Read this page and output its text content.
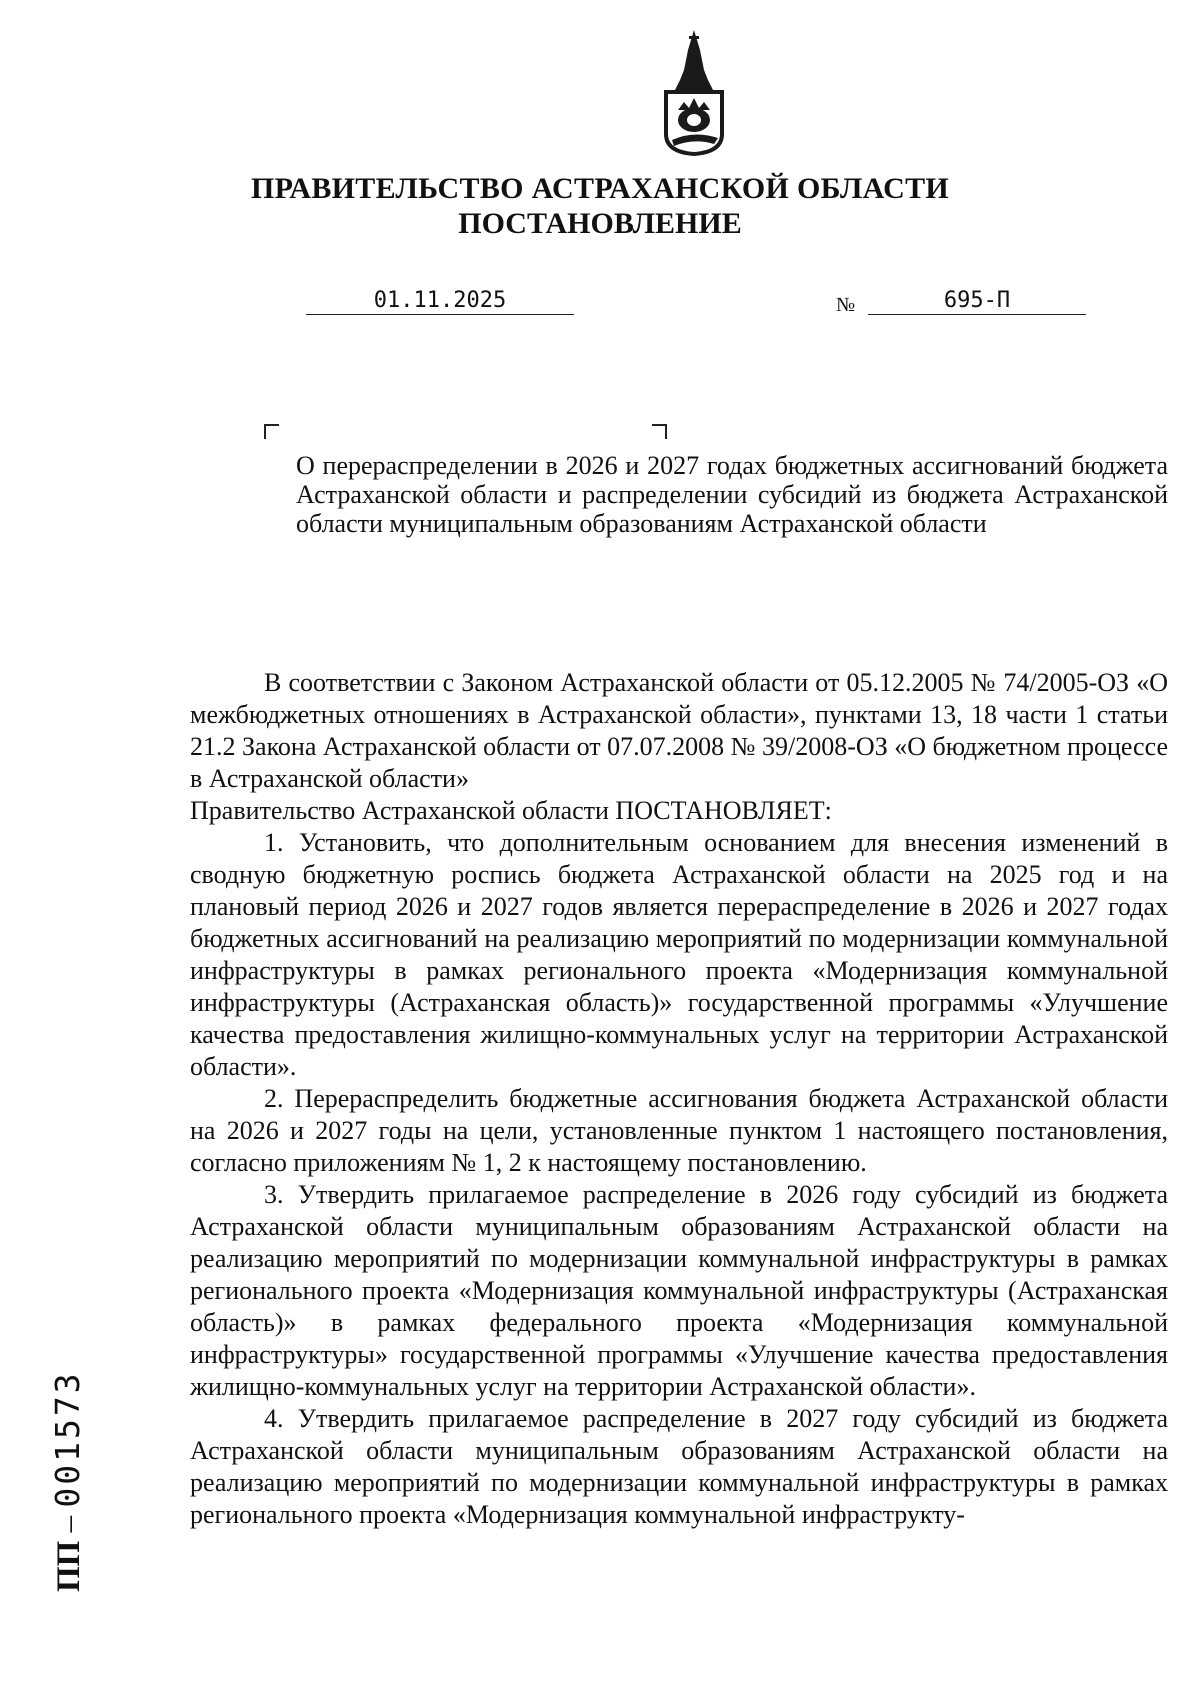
ПРАВИТЕЛЬСТВО АСТРАХАНСКОЙ ОБЛАСТИ
ПОСТАНОВЛЕНИЕ
01.11.2025	№	695-П

О перераспределении в 2026 и 2027 годах бюджетных ассигнований бюджета Астраханской области и распределении субсидий из бюджета Астраханской области муниципальным образованиям Астраханской области

В соответствии с Законом Астраханской области от 05.12.2005 № 74/2005-ОЗ «О межбюджетных отношениях в Астраханской области», пунктами 13, 18 части 1 статьи 21.2 Закона Астраханской области от 07.07.2008 № 39/2008-ОЗ «О бюджетном процессе в Астраханской области»

Правительство Астраханской области ПОСТАНОВЛЯЕТ:

1. Установить, что дополнительным основанием для внесения изменений в сводную бюджетную роспись бюджета Астраханской области на 2025 год и на плановый период 2026 и 2027 годов является перераспределение в 2026 и 2027 годах бюджетных ассигнований на реализацию мероприятий по модернизации коммунальной инфраструктуры в рамках регионального проекта «Модернизация коммунальной инфраструктуры (Астраханская область)» государственной программы «Улучшение качества предоставления жилищно-коммунальных услуг на территории Астраханской области».

2. Перераспределить бюджетные ассигнования бюджета Астраханской области на 2026 и 2027 годы на цели, установленные пунктом 1 настоящего постановления, согласно приложениям № 1, 2 к настоящему постановлению.

3. Утвердить прилагаемое распределение в 2026 году субсидий из бюджета Астраханской области муниципальным образованиям Астраханской области на реализацию мероприятий по модернизации коммунальной инфраструктуры в рамках регионального проекта «Модернизация коммунальной инфраструктуры (Астраханская область)» в рамках федерального проекта «Модернизация коммунальной инфраструктуры» государственной программы «Улучшение качества предоставления жилищно-коммунальных услуг на территории Астраханской области».

4. Утвердить прилагаемое распределение в 2027 году субсидий из бюджета Астраханской области муниципальным образованиям Астраханской области на реализацию мероприятий по модернизации коммунальной инфраструктуры в рамках регионального проекта «Модернизация коммунальной инфраструкту-

ПП – 001573
